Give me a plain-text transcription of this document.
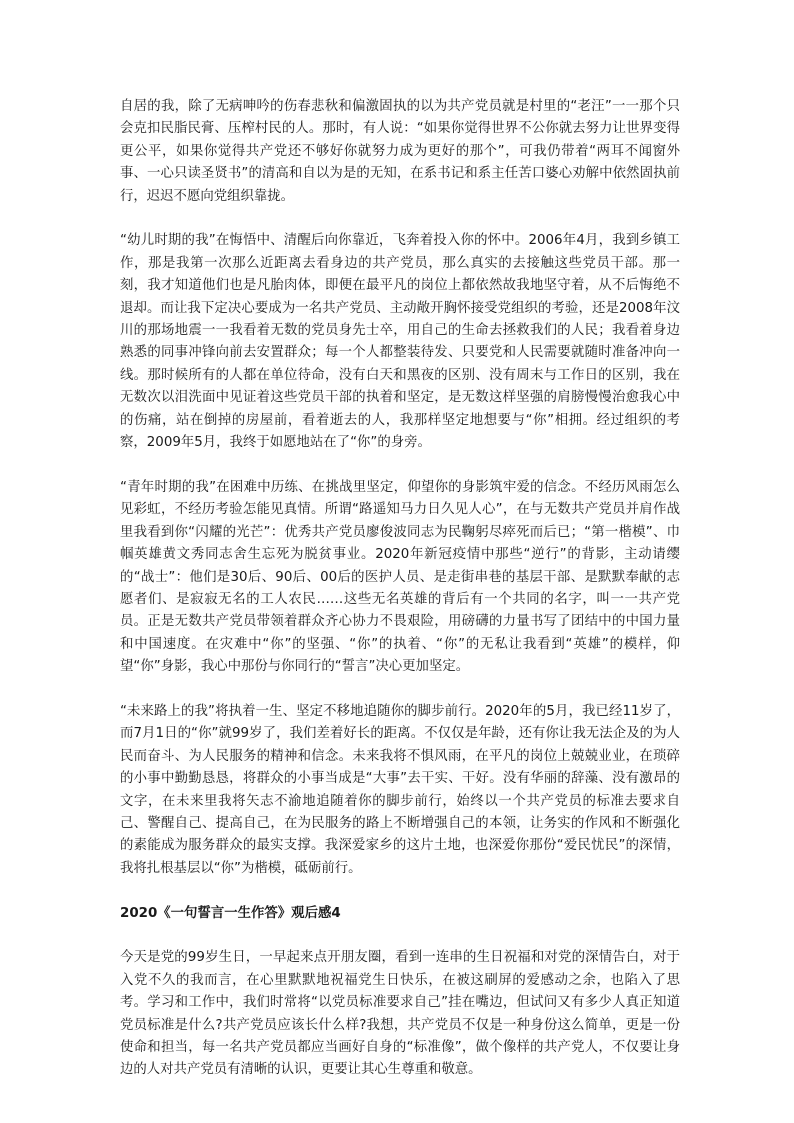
自居的我，除了无病呻吟的伤春悲秋和偏激固执的以为共产党员就是村里的“老汪”一一那个只会克扣民脂民膏、压榨村民的人。那时，有人说：“如果你觉得世界不公你就去努力让世界变得更公平，如果你觉得共产党还不够好你就努力成为更好的那个”，可我仍带着“两耳不闻窗外事、一心只读圣贤书”的清高和自以为是的无知，在系书记和系主任苦口婆心劝解中依然固执前行，迟迟不愿向党组织靠拢。

“幼儿时期的我”在悔悟中、清醒后向你靠近，飞奔着投入你的怀中。2006年4月，我到乡镇工作，那是我第一次那么近距离去看身边的共产党员，那么真实的去接触这些党员干部。那一刻，我才知道他们也是凡胎肉体，即便在最平凡的岗位上都依然故我地坚守着，从不后悔绝不退却。而让我下定决心要成为一名共产党员、主动敞开胸怀接受党组织的考验，还是2008年汶川的那场地震一一我看着无数的党员身先士卒，用自己的生命去拯救我们的人民；我看着身边熟悉的同事冲锋向前去安置群众；每一个人都整装待发、只要党和人民需要就随时准备冲向一线。那时候所有的人都在单位待命，没有白天和黑夜的区别、没有周末与工作日的区别，我在无数次以泪洗面中见证着这些党员干部的执着和坚定，是无数这样坚强的肩膀慢慢治愈我心中的伤痛，站在倒掉的房屋前，看着逝去的人，我那样坚定地想要与“你”相拥。经过组织的考察，2009年5月，我终于如愿地站在了“你”的身旁。

“青年时期的我”在困难中历练、在挑战里坚定，仰望你的身影筑牢爱的信念。不经历风雨怎么见彩虹，不经历考验怎能见真情。所谓“路遥知马力日久见人心”，在与无数共产党员并肩作战里我看到你“闪耀的光芒”：优秀共产党员廖俊波同志为民鞠躬尽瘁死而后已；“第一楷模”、巾帼英雄黄文秀同志舍生忘死为脱贫事业。2020年新冠疫情中那些“逆行”的背影，主动请缨的“战士”：他们是30后、90后、00后的医护人员、是走街串巷的基层干部、是默默奉献的志愿者们、是寂寂无名的工人农民……这些无名英雄的背后有一个共同的名字，叫一一共产党员。正是无数共产党员带领着群众齐心协力不畏艰险，用磅礴的力量书写了团结中的中国力量和中国速度。在灾难中“你”的坚强、“你”的执着、“你”的无私让我看到“英雄”的模样，仰望“你”身影，我心中那份与你同行的“誓言”决心更加坚定。

“未来路上的我”将执着一生、坚定不移地追随你的脚步前行。2020年的5月，我已经11岁了，而7月1日的“你”就99岁了，我们差着好长的距离。不仅仅是年龄，还有你让我无法企及的为人民而奋斗、为人民服务的精神和信念。未来我将不惧风雨，在平凡的岗位上兢兢业业，在琐碎的小事中勤勤恳恳，将群众的小事当成是“大事”去干实、干好。没有华丽的辞藻、没有激昂的文字，在未来里我将矢志不渝地追随着你的脚步前行，始终以一个共产党员的标准去要求自己、警醒自己、提高自己，在为民服务的路上不断增强自己的本领，让务实的作风和不断强化的素能成为服务群众的最实支撑。我深爱家乡的这片土地，也深爱你那份“爱民忧民”的深情，我将扎根基层以“你”为楷模，砥砺前行。

2020《一句誓言一生作答》观后感4

今天是党的99岁生日，一早起来点开朋友圈，看到一连串的生日祝福和对党的深情告白，对于入党不久的我而言，在心里默默地祝福党生日快乐，在被这刷屏的爱感动之余，也陷入了思考。学习和工作中，我们时常将“以党员标准要求自己”挂在嘴边，但试问又有多少人真正知道党员标准是什么?共产党员应该长什么样?我想，共产党员不仅是一种身份这么简单，更是一份使命和担当，每一名共产党员都应当画好自身的“标准像”，做个像样的共产党人，不仅要让身边的人对共产党员有清晰的认识，更要让其心生尊重和敬意。
